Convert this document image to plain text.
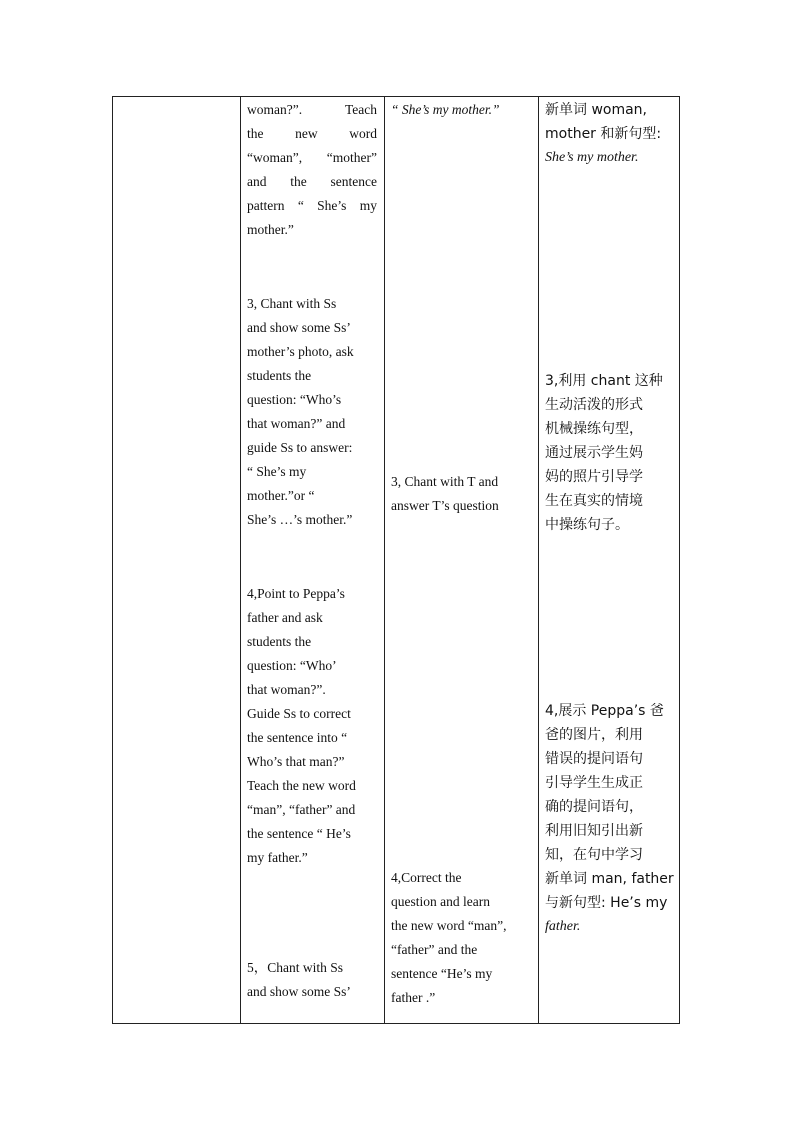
woman?”. Teach
the new word
“woman”, “mother”
and the sentence
pattern “ She’s my
mother.”
3, Chant with Ss
and show some Ss’
mother’s photo, ask
students the
question: “Who’s
that woman?” and
guide Ss to answer:
“ She’s my
mother.”or “
She’s …’s mother.”
4,Point to Peppa’s
father and ask
students the
question: “Who’
that woman?”.
Guide Ss to correct
the sentence into “
Who’s that man?”
Teach the new word
“man”, “father” and
the sentence “ He’s
my father.”
5，Chant with Ss
and show some Ss’
“ She’s my mother.”
3, Chant with T and
answer T’s question
4,Correct the
question and learn
the new word “man”,
“father” and the
sentence “He’s my
father .”
新单词 woman,
mother 和新句型:
She’s my mother.
3,利用 chant 这种
生动活泼的形式
机械操练句型，
通过展示学生妈
妈的照片引导学
生在真实的情境
中操练句子。
4,展示 Peppa’s 爸
爸的图片，利用
错误的提问语句
引导学生生成正
确的提问语句，
利用旧知引出新
知，在句中学习
新单词 man, father
与新句型: He’s my
father.
